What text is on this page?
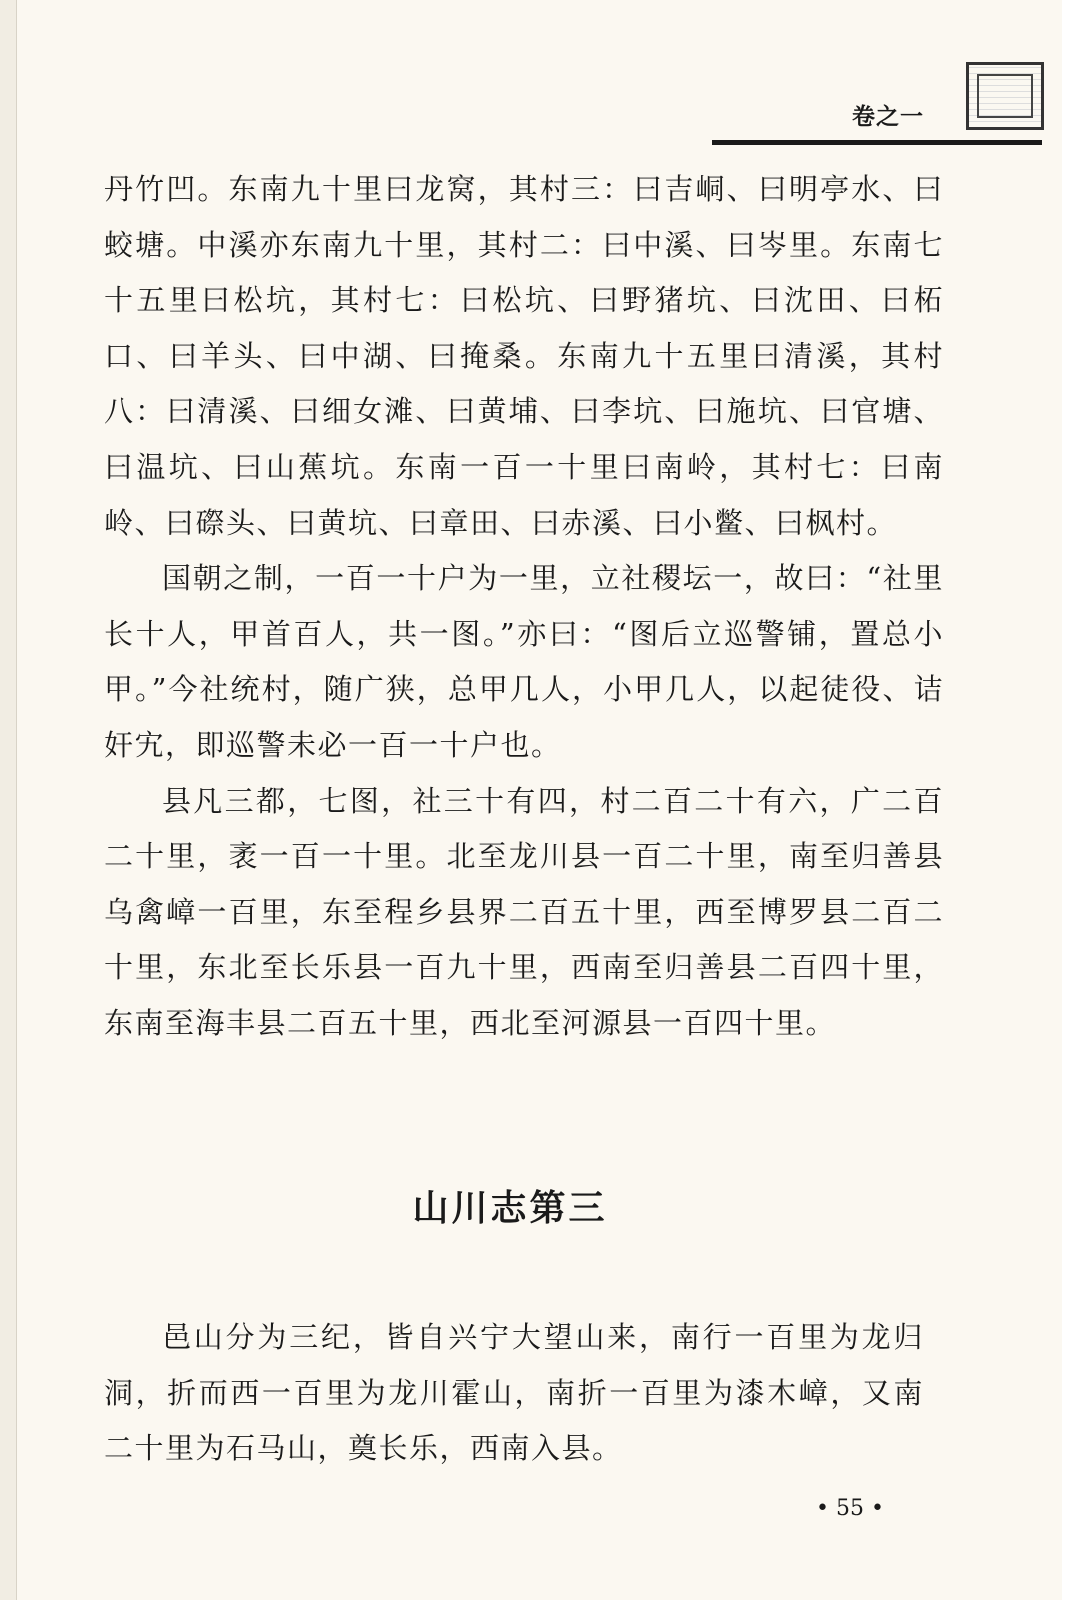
卷之一

丹竹凹。东南九十里曰龙窝，其村三：曰吉峒、曰明亭水、曰蛟塘。中溪亦东南九十里，其村二：曰中溪、曰岑里。东南七十五里曰松坑，其村七：曰松坑、曰野猪坑、曰沈田、曰柘口、曰羊头、曰中湖、曰掩桑。东南九十五里曰清溪，其村八：曰清溪、曰细女滩、曰黄埔、曰李坑、曰施坑、曰官塘、曰温坑、曰山蕉坑。东南一百一十里曰南岭，其村七：曰南岭、曰磜头、曰黄坑、曰章田、曰赤溪、曰小鳖、曰枫村。

国朝之制，一百一十户为一里，立社稷坛一，故曰：“社里长十人，甲首百人，共一图。”亦曰：“图后立巡警铺，置总小甲。”今社统村，随广狭，总甲几人，小甲几人，以起徒役、诘奸宄，即巡警未必一百一十户也。

县凡三都，七图，社三十有四，村二百二十有六，广二百二十里，袤一百一十里。北至龙川县一百二十里，南至归善县乌禽嶂一百里，东至程乡县界二百五十里，西至博罗县二百二十里，东北至长乐县一百九十里，西南至归善县二百四十里，东南至海丰县二百五十里，西北至河源县一百四十里。

山川志第三

邑山分为三纪，皆自兴宁大望山来，南行一百里为龙归洞，折而西一百里为龙川霍山，南折一百里为漆木嶂，又南二十里为石马山，奠长乐，西南入县。

• 55 •
